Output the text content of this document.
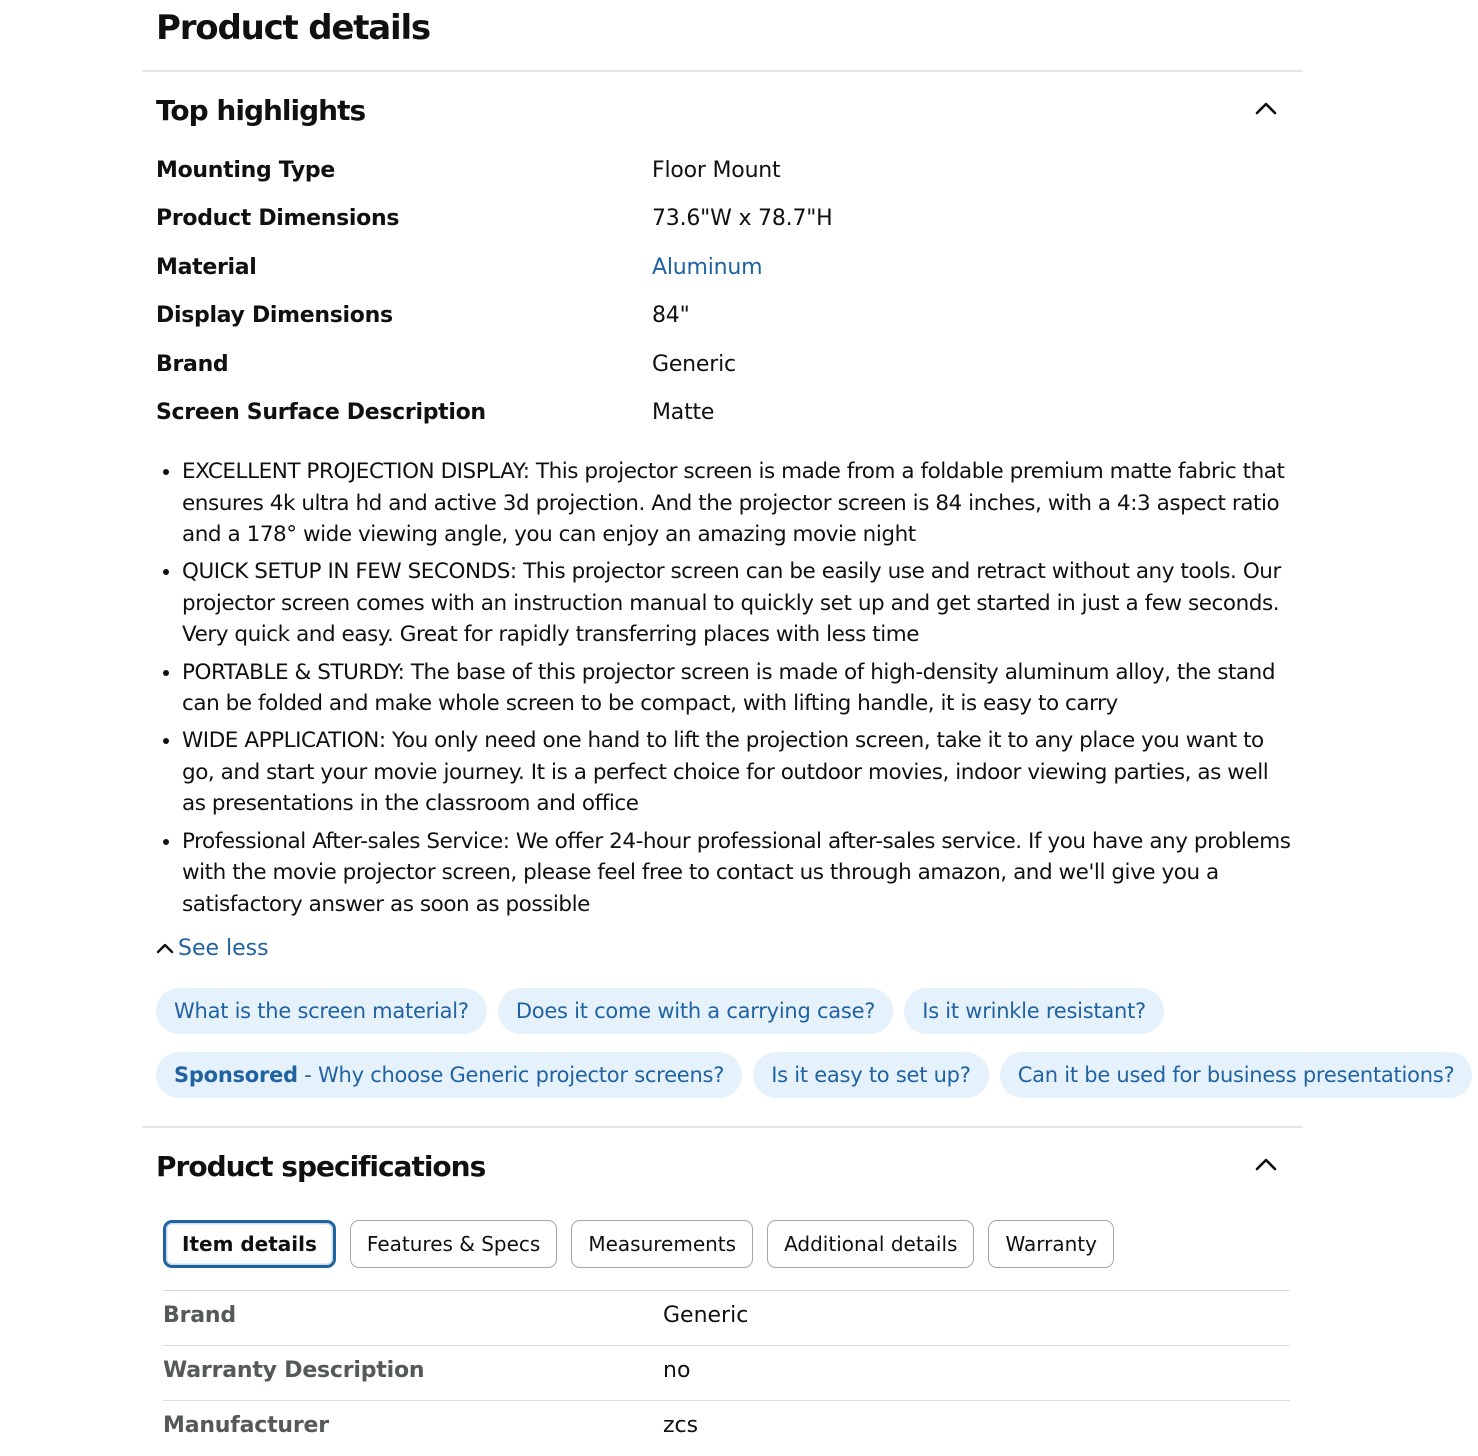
Product details
Top highlights
Mounting Type	Floor Mount
Product Dimensions	73.6"W x 78.7"H
Material	Aluminum
Display Dimensions	84"
Brand	Generic
Screen Surface Description	Matte
• EXCELLENT PROJECTION DISPLAY: This projector screen is made from a foldable premium matte fabric that ensures 4k ultra hd and active 3d projection. And the projector screen is 84 inches, with a 4:3 aspect ratio and a 178° wide viewing angle, you can enjoy an amazing movie night
• QUICK SETUP IN FEW SECONDS: This projector screen can be easily use and retract without any tools. Our projector screen comes with an instruction manual to quickly set up and get started in just a few seconds. Very quick and easy. Great for rapidly transferring places with less time
• PORTABLE & STURDY: The base of this projector screen is made of high-density aluminum alloy, the stand can be folded and make whole screen to be compact, with lifting handle, it is easy to carry
• WIDE APPLICATION: You only need one hand to lift the projection screen, take it to any place you want to go, and start your movie journey. It is a perfect choice for outdoor movies, indoor viewing parties, as well as presentations in the classroom and office
• Professional After-sales Service: We offer 24-hour professional after-sales service. If you have any problems with the movie projector screen, please feel free to contact us through amazon, and we'll give you a satisfactory answer as soon as possible
See less
What is the screen material? Does it come with a carrying case? Is it wrinkle resistant?
Sponsored - Why choose Generic projector screens? Is it easy to set up? Can it be used for business presentations?
Product specifications
Item details	Features & Specs	Measurements	Additional details	Warranty
Brand	Generic
Warranty Description	no
Manufacturer	zcs
